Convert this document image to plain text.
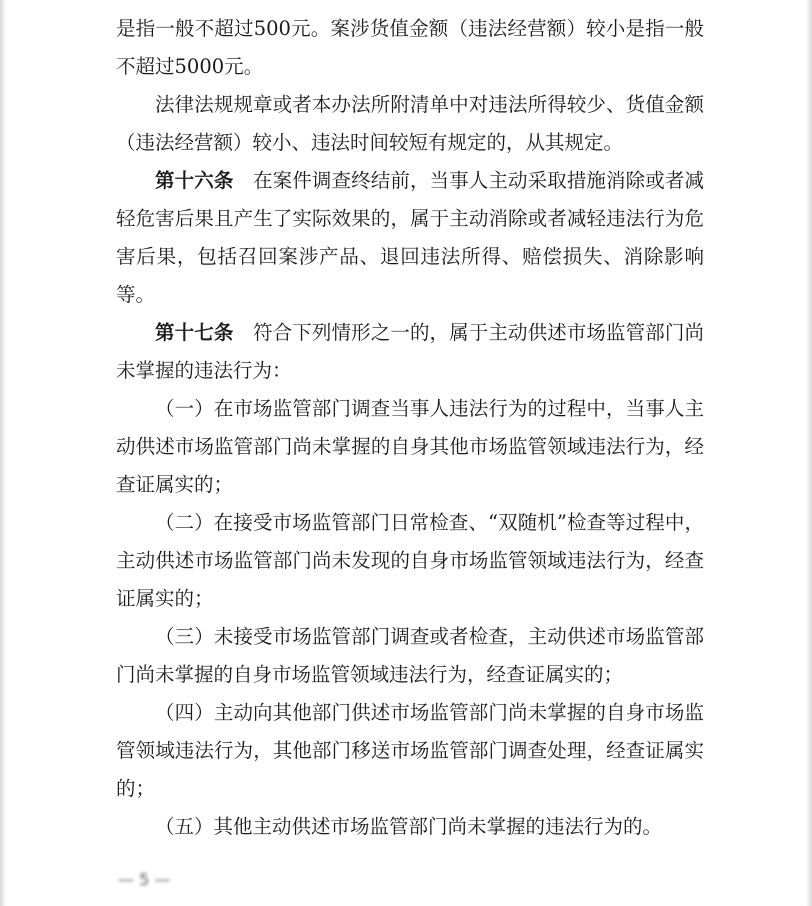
是指一般不超过500元。案涉货值金额（违法经营额）较小是指一般不超过5000元。

法律法规规章或者本办法所附清单中对违法所得较少、货值金额（违法经营额）较小、违法时间较短有规定的，从其规定。

第十六条　在案件调查终结前，当事人主动采取措施消除或者减轻危害后果且产生了实际效果的，属于主动消除或者减轻违法行为危害后果，包括召回案涉产品、退回违法所得、赔偿损失、消除影响等。

第十七条　符合下列情形之一的，属于主动供述市场监管部门尚未掌握的违法行为：

（一）在市场监管部门调查当事人违法行为的过程中，当事人主动供述市场监管部门尚未掌握的自身其他市场监管领域违法行为，经查证属实的；

（二）在接受市场监管部门日常检查、“双随机”检查等过程中，主动供述市场监管部门尚未发现的自身市场监管领域违法行为，经查证属实的；

（三）未接受市场监管部门调查或者检查，主动供述市场监管部门尚未掌握的自身市场监管领域违法行为，经查证属实的；

（四）主动向其他部门供述市场监管部门尚未掌握的自身市场监管领域违法行为，其他部门移送市场监管部门调查处理，经查证属实的；

（五）其他主动供述市场监管部门尚未掌握的违法行为的。

— 5 —
